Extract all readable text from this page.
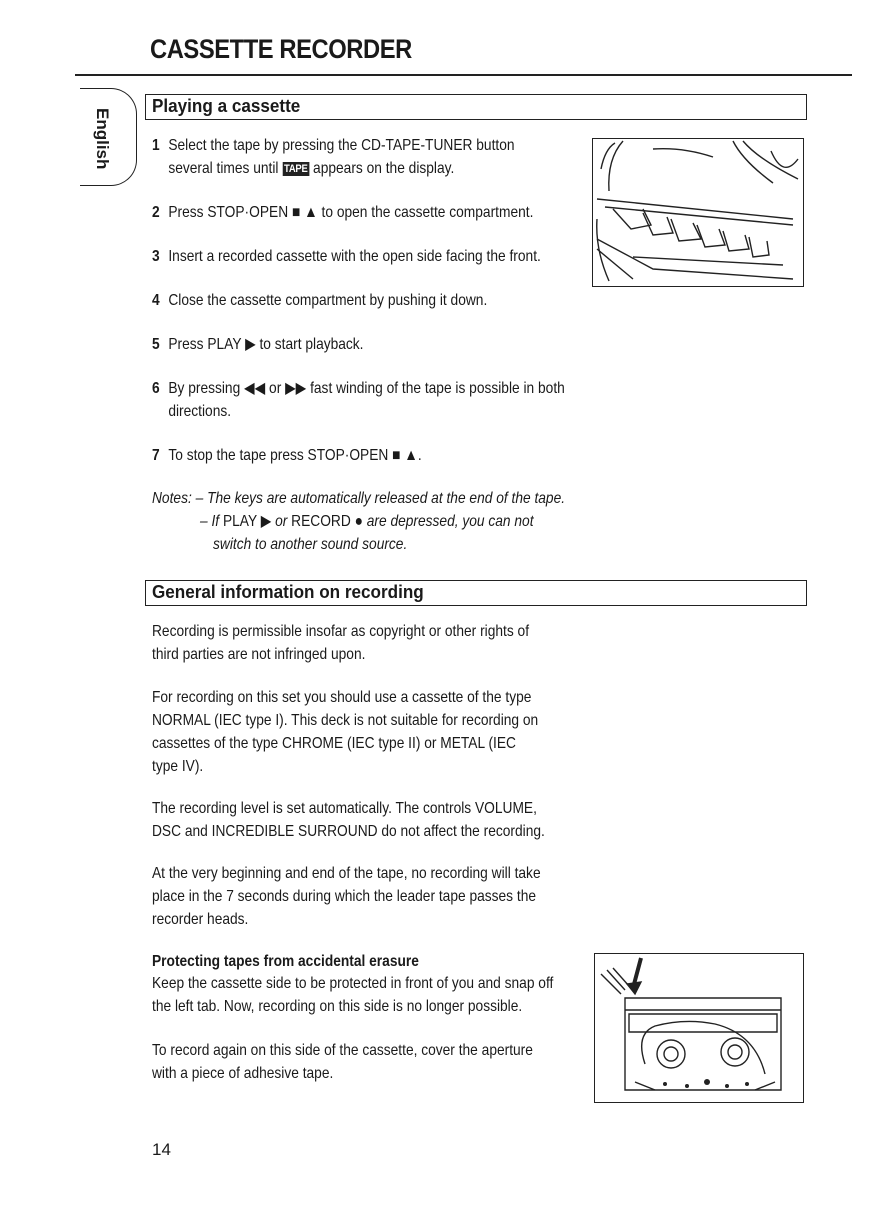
CASSETTE RECORDER
English
Playing a cassette
1 Select the tape by pressing the CD-TAPE-TUNER button
several times until TAPE appears on the display.
2 Press STOP·OPEN ■ ▲ to open the cassette compartment.
3 Insert a recorded cassette with the open side facing the front.
4 Close the cassette compartment by pushing it down.
5 Press PLAY ▶ to start playback.
6 By pressing ◀◀ or ▶▶ fast winding of the tape is possible in both
directions.
7 To stop the tape press STOP·OPEN ■ ▲.
Notes: – The keys are automatically released at the end of the tape.
– If PLAY ▶ or RECORD ● are depressed, you can not
switch to another sound source.
General information on recording
Recording is permissible insofar as copyright or other rights of
third parties are not infringed upon.
For recording on this set you should use a cassette of the type
NORMAL (IEC type I). This deck is not suitable for recording on
cassettes of the type CHROME (IEC type II) or METAL (IEC
type IV).
The recording level is set automatically. The controls VOLUME,
DSC and INCREDIBLE SURROUND do not affect the recording.
At the very beginning and end of the tape, no recording will take
place in the 7 seconds during which the leader tape passes the
recorder heads.
Protecting tapes from accidental erasure
Keep the cassette side to be protected in front of you and snap off
the left tab. Now, recording on this side is no longer possible.
To record again on this side of the cassette, cover the aperture
with a piece of adhesive tape.
14
